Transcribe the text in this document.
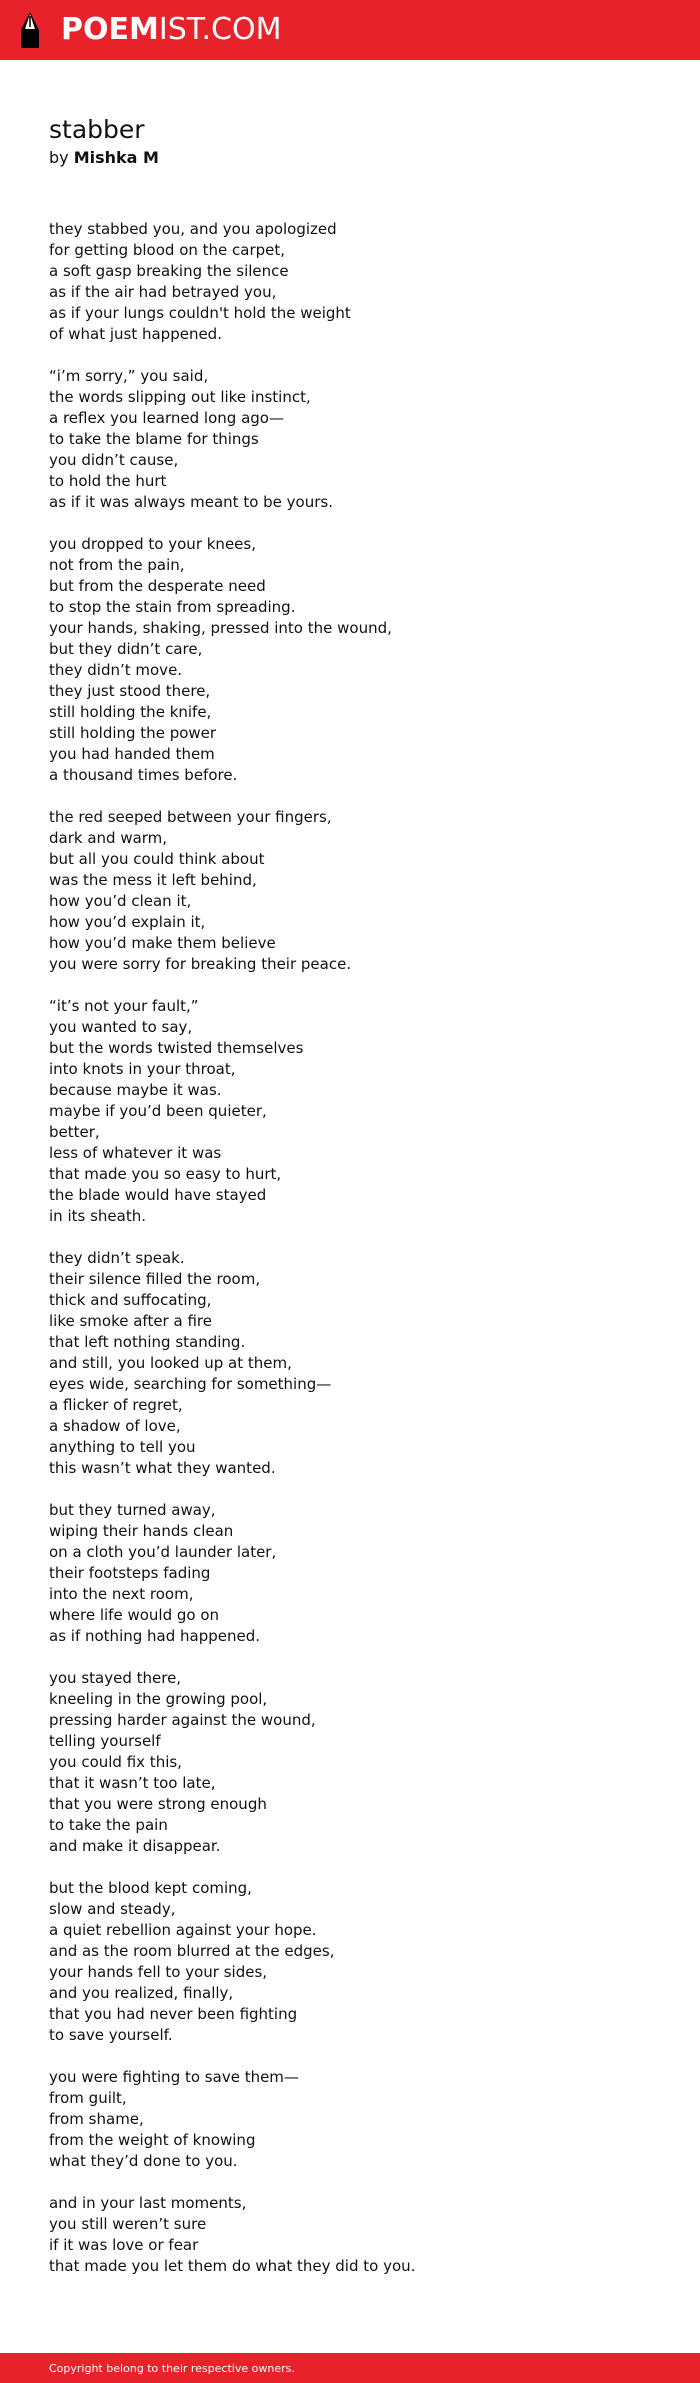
POEMIST.COM
stabber
by Mishka M
they stabbed you, and you apologized
for getting blood on the carpet,
a soft gasp breaking the silence
as if the air had betrayed you,
as if your lungs couldn't hold the weight
of what just happened.
“i’m sorry,” you said,
the words slipping out like instinct,
a reflex you learned long ago—
to take the blame for things
you didn’t cause,
to hold the hurt
as if it was always meant to be yours.
you dropped to your knees,
not from the pain,
but from the desperate need
to stop the stain from spreading.
your hands, shaking, pressed into the wound,
but they didn’t care,
they didn’t move.
they just stood there,
still holding the knife,
still holding the power
you had handed them
a thousand times before.
the red seeped between your fingers,
dark and warm,
but all you could think about
was the mess it left behind,
how you’d clean it,
how you’d explain it,
how you’d make them believe
you were sorry for breaking their peace.
“it’s not your fault,”
you wanted to say,
but the words twisted themselves
into knots in your throat,
because maybe it was.
maybe if you’d been quieter,
better,
less of whatever it was
that made you so easy to hurt,
the blade would have stayed
in its sheath.
they didn’t speak.
their silence filled the room,
thick and suffocating,
like smoke after a fire
that left nothing standing.
and still, you looked up at them,
eyes wide, searching for something—
a flicker of regret,
a shadow of love,
anything to tell you
this wasn’t what they wanted.
but they turned away,
wiping their hands clean
on a cloth you’d launder later,
their footsteps fading
into the next room,
where life would go on
as if nothing had happened.
you stayed there,
kneeling in the growing pool,
pressing harder against the wound,
telling yourself
you could fix this,
that it wasn’t too late,
that you were strong enough
to take the pain
and make it disappear.
but the blood kept coming,
slow and steady,
a quiet rebellion against your hope.
and as the room blurred at the edges,
your hands fell to your sides,
and you realized, finally,
that you had never been fighting
to save yourself.
you were fighting to save them—
from guilt,
from shame,
from the weight of knowing
what they’d done to you.
and in your last moments,
you still weren’t sure
if it was love or fear
that made you let them do what they did to you.
Copyright belong to their respective owners.
